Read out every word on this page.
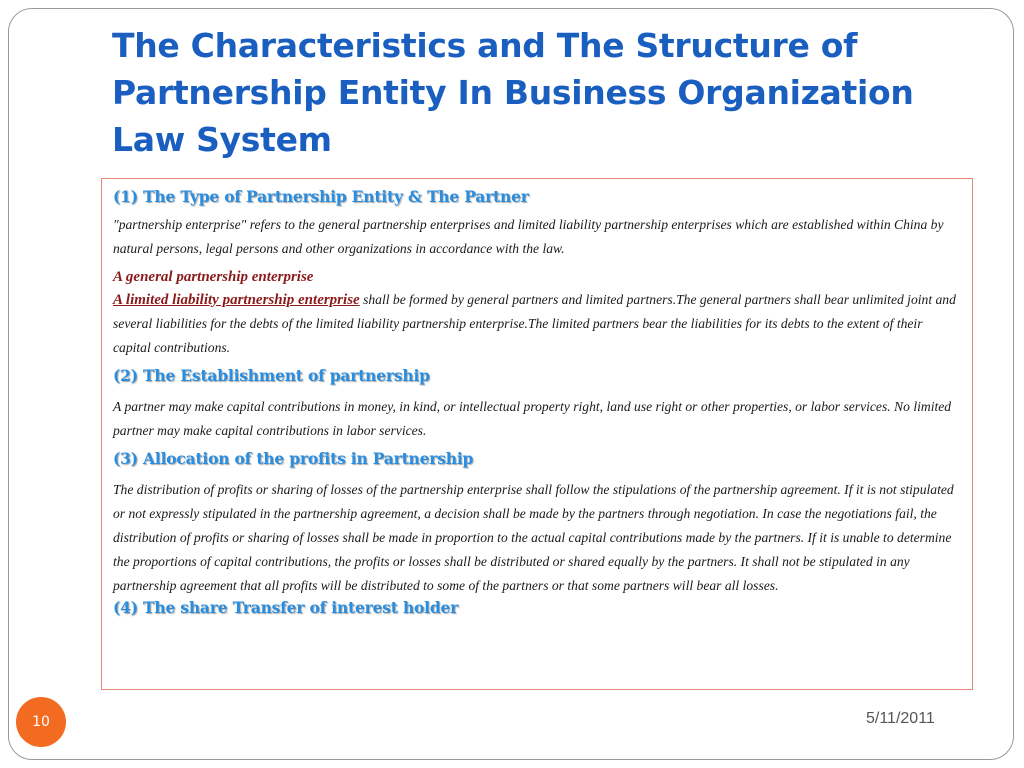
The Characteristics and The Structure of Partnership Entity In Business Organization Law System

(1) The Type of Partnership Entity & The Partner

"partnership enterprise" refers to the general partnership enterprises and limited liability partnership enterprises which are established within China by natural persons, legal persons and other organizations in accordance with the law.

A general partnership enterprise

A limited liability partnership enterprise shall be formed by general partners and limited partners.The general partners shall bear unlimited joint and several liabilities for the debts of the limited liability partnership enterprise.The limited partners bear the liabilities for its debts to the extent of their capital contributions.

(2) The Establishment of partnership

A partner may make capital contributions in money, in kind, or intellectual property right, land use right or other properties, or labor services. No limited partner may make capital contributions in labor services.

(3) Allocation of the profits in Partnership

The distribution of profits or sharing of losses of the partnership enterprise shall follow the stipulations of the partnership agreement. If it is not stipulated or not expressly stipulated in the partnership agreement, a decision shall be made by the partners through negotiation. In case the negotiations fail, the distribution of profits or sharing of losses shall be made in proportion to the actual capital contributions made by the partners. If it is unable to determine the proportions of capital contributions, the profits or losses shall be distributed or shared equally by the partners. It shall not be stipulated in any partnership agreement that all profits will be distributed to some of the partners or that some partners will bear all losses.

(4) The share Transfer of interest holder

10	5/11/2011
